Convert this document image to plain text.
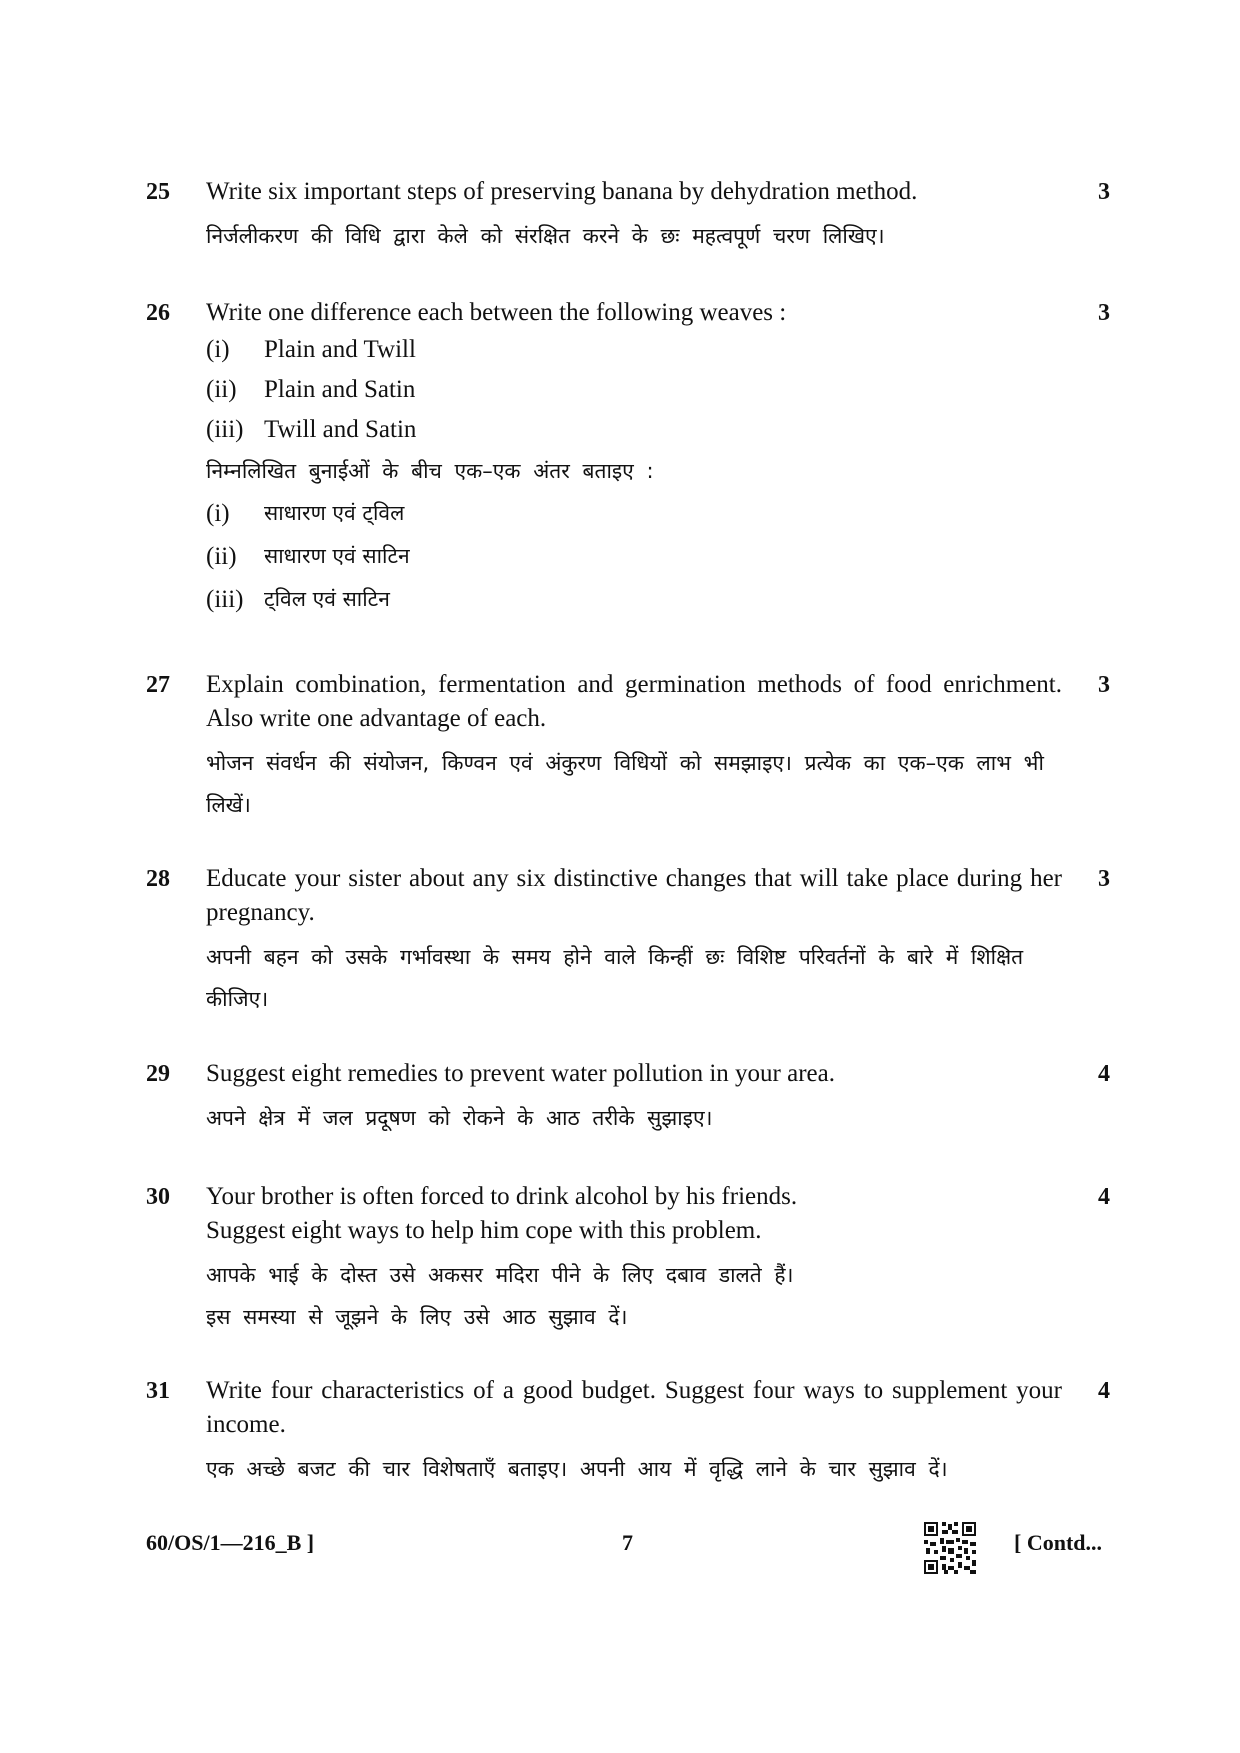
25	3
Write six important steps of preserving banana by dehydration method.
निर्जलीकरण की विधि द्वारा केले को संरक्षित करने के छः महत्वपूर्ण चरण लिखिए।
26	3
Write one difference each between the following weaves :
(i)	Plain and Twill
(ii)	Plain and Satin
(iii) Twill and Satin
निम्नलिखित बुनाईओं के बीच एक–एक अंतर बताइए :
(i)	साधारण एवं ट्विल
(ii)	साधारण एवं साटिन
(iii) ट्विल एवं साटिन
27	3
Explain combination, fermentation and germination methods of food enrichment. Also write one advantage of each.
भोजन संवर्धन की संयोजन, किण्वन एवं अंकुरण विधियों को समझाइए। प्रत्येक का एक–एक लाभ भी लिखें।
28	3
Educate your sister about any six distinctive changes that will take place during her pregnancy.
अपनी बहन को उसके गर्भावस्था के समय होने वाले किन्हीं छः विशिष्ट परिवर्तनों के बारे में शिक्षित कीजिए।
29	4
Suggest eight remedies to prevent water pollution in your area.
अपने क्षेत्र में जल प्रदूषण को रोकने के आठ तरीके सुझाइए।
30	4
Your brother is often forced to drink alcohol by his friends.
Suggest eight ways to help him cope with this problem.
आपके भाई के दोस्त उसे अकसर मदिरा पीने के लिए दबाव डालते हैं।
इस समस्या से जूझने के लिए उसे आठ सुझाव दें।
31	4
Write four characteristics of a good budget. Suggest four ways to supplement your income.
एक अच्छे बजट की चार विशेषताएँ बताइए। अपनी आय में वृद्धि लाने के चार सुझाव दें।
60/OS/1—216_B ]	7	[ Contd...
